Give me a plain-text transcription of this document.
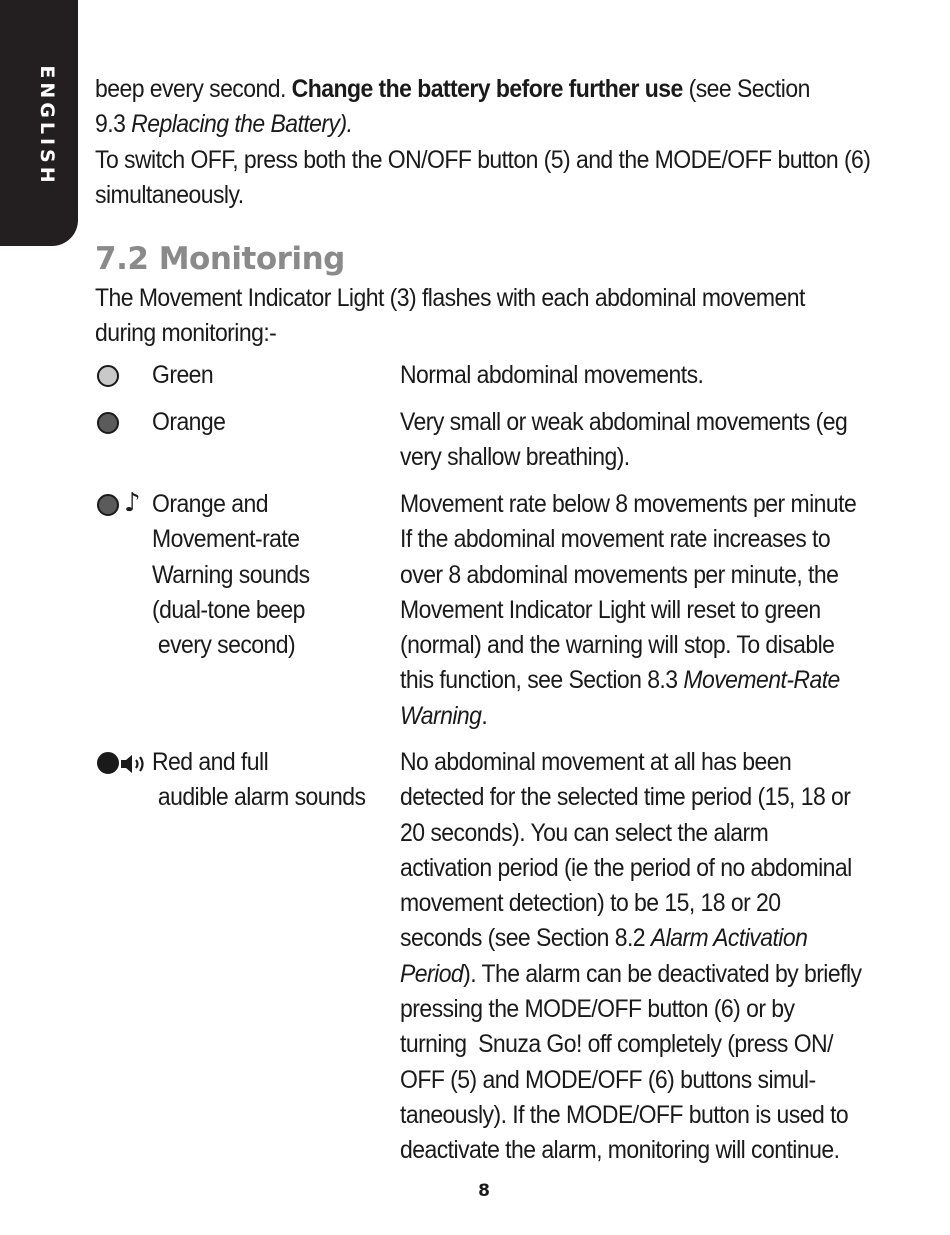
ENGLISH beep every second. Change the battery before further use (see Section

9.3 Replacing the Battery).

To switch OFF, press both the ON/OFF button (5) and the MODE/OFF button (6)

simultaneously.

7.2 Monitoring

The Movement Indicator Light (3) flashes with each abdominal movement

during monitoring:-

Green	Normal abdominal movements.

Orange	Very small or weak abdominal movements (eg

very shallow breathing).

♪ Orange and

Movement-rate

Warning sounds

(dual-tone beep

every second)

Movement rate below 8 movements per minute

If the abdominal movement rate increases to

over 8 abdominal movements per minute, the

Movement Indicator Light will reset to green

(normal) and the warning will stop. To disable

this function, see Section 8.3 Movement-Rate

Warning.

Red and full

audible alarm sounds

No abdominal movement at all has been

detected for the selected time period (15, 18 or

20 seconds). You can select the alarm

activation period (ie the period of no abdominal

movement detection) to be 15, 18 or 20

seconds (see Section 8.2 Alarm Activation

Period). The alarm can be deactivated by briefly

pressing the MODE/OFF button (6) or by

turning  Snuza Go! off completely (press ON/

OFF (5) and MODE/OFF (6) buttons simul-

taneously). If the MODE/OFF button is used to

deactivate the alarm, monitoring will continue.

8
